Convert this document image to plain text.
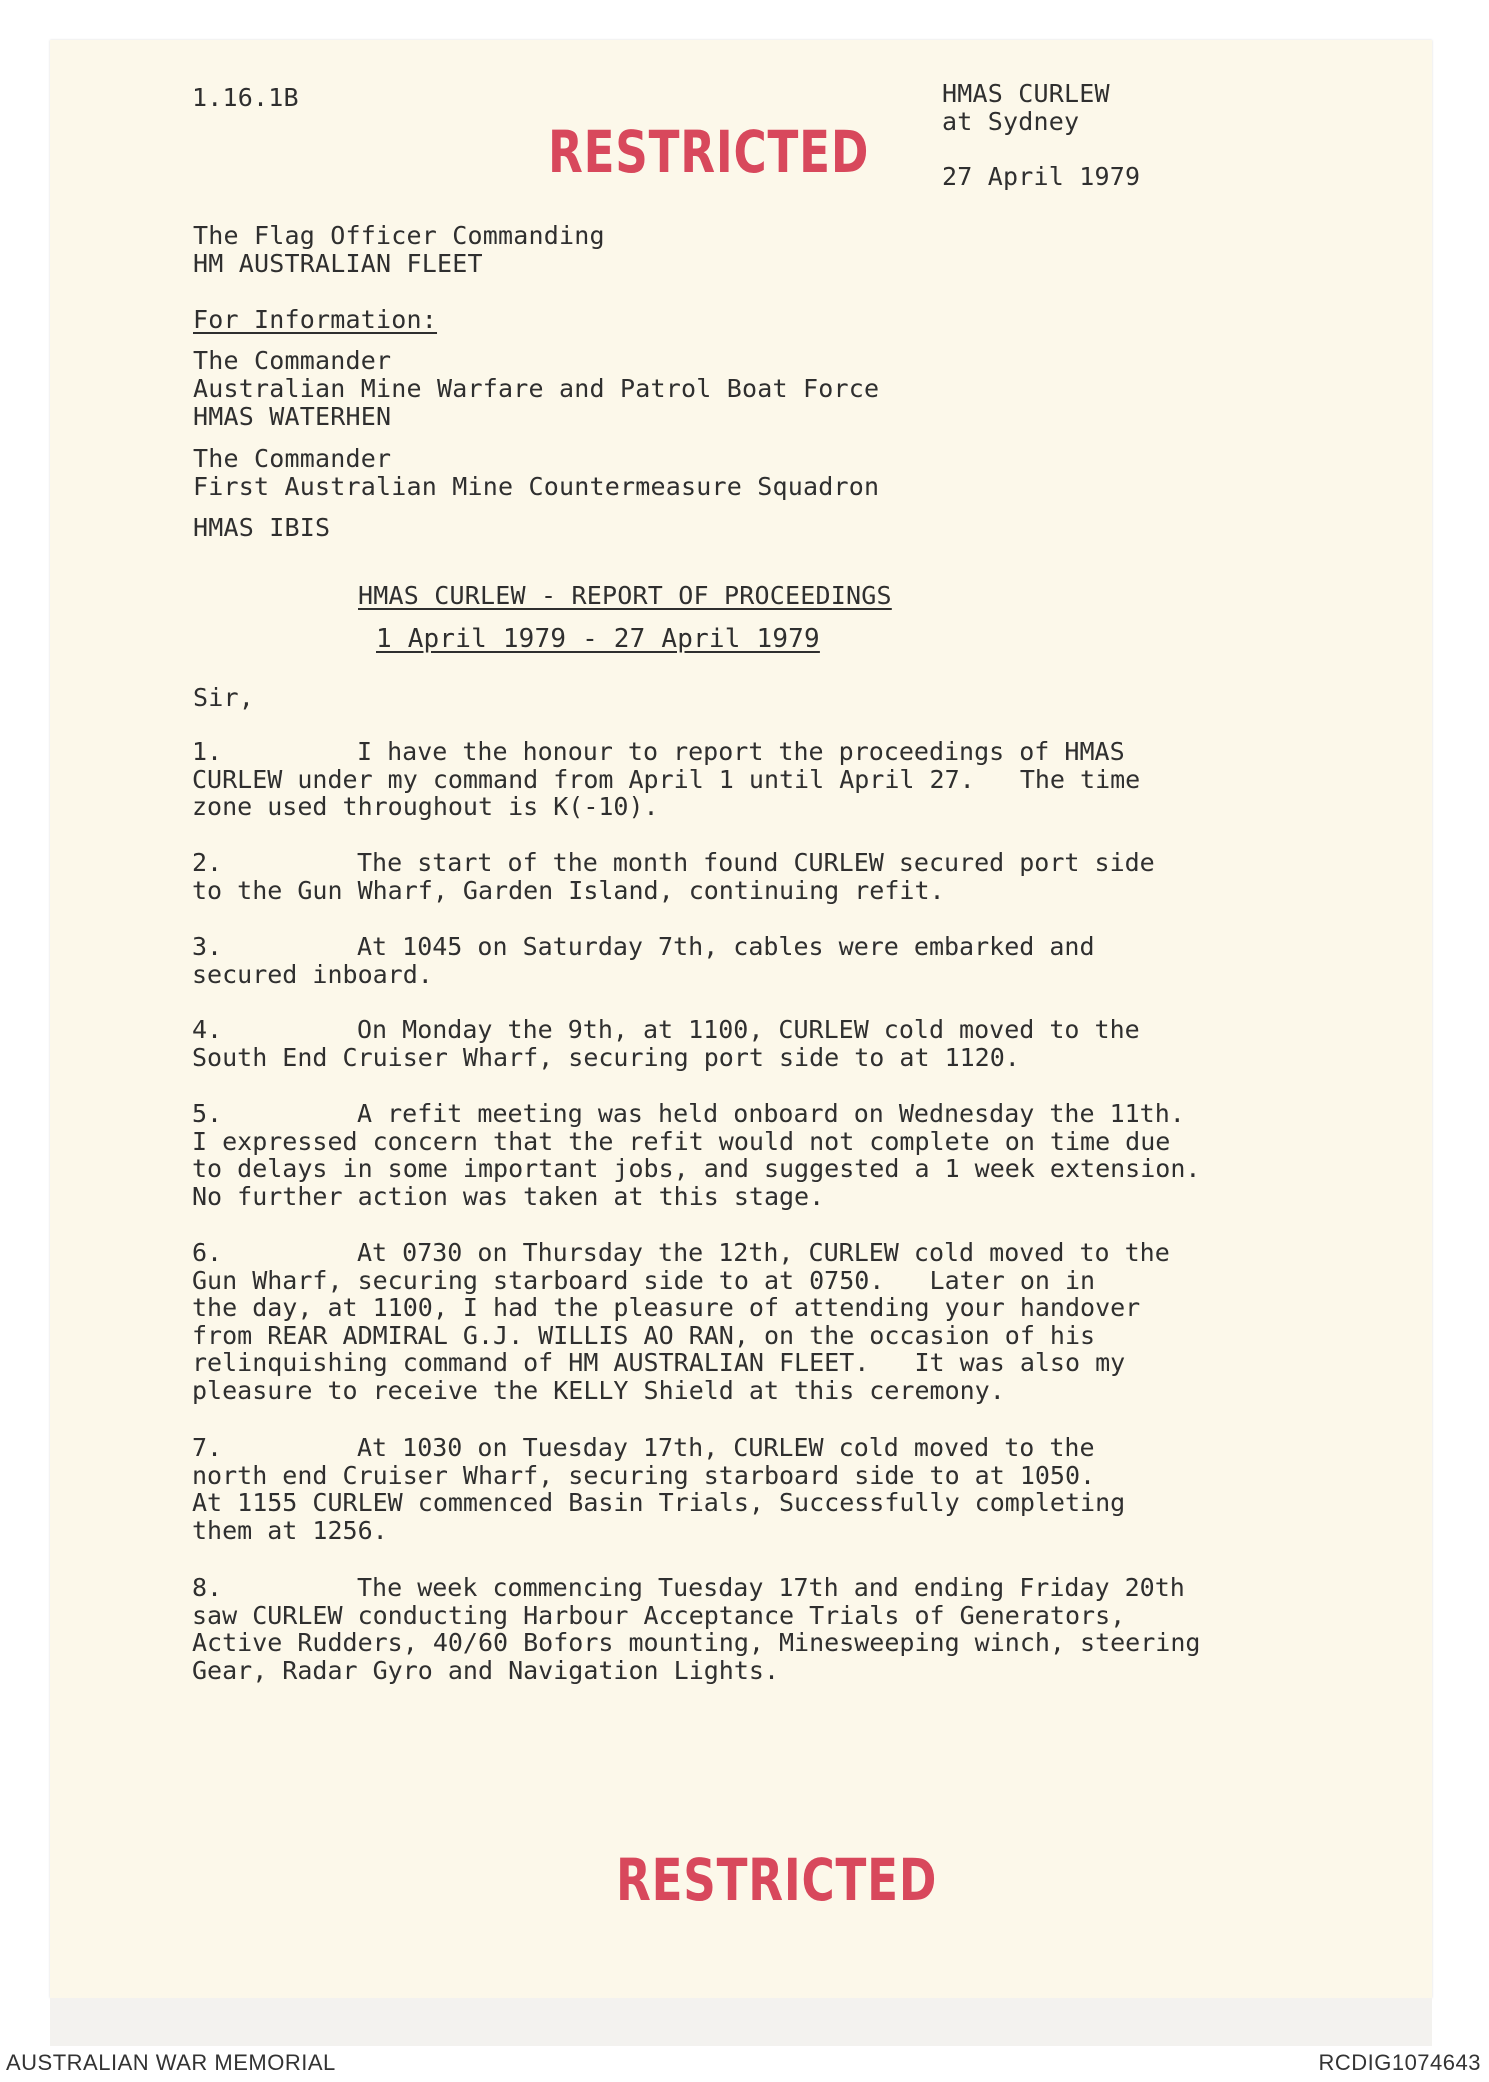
1.16.1B	HMAS CURLEW
at Sydney
27 April 1979
RESTRICTED
The Flag Officer Commanding
HM AUSTRALIAN FLEET
For Information:
The Commander
Australian Mine Warfare and Patrol Boat Force
HMAS WATERHEN
The Commander
First Australian Mine Countermeasure Squadron
HMAS IBIS
HMAS CURLEW - REPORT OF PROCEEDINGS
1 April 1979 - 27 April 1979
Sir,
1.	I have the honour to report the proceedings of HMAS
CURLEW under my command from April 1 until April 27.   The time
zone used throughout is K(-10).
2.	The start of the month found CURLEW secured port side
to the Gun Wharf, Garden Island, continuing refit.
3.	At 1045 on Saturday 7th, cables were embarked and
secured inboard.
4.	On Monday the 9th, at 1100, CURLEW cold moved to the
South End Cruiser Wharf, securing port side to at 1120.
5.	A refit meeting was held onboard on Wednesday the 11th.
I expressed concern that the refit would not complete on time due
to delays in some important jobs, and suggested a 1 week extension.
No further action was taken at this stage.
6.	At 0730 on Thursday the 12th, CURLEW cold moved to the
Gun Wharf, securing starboard side to at 0750.   Later on in
the day, at 1100, I had the pleasure of attending your handover
from REAR ADMIRAL G.J. WILLIS AO RAN, on the occasion of his
relinquishing command of HM AUSTRALIAN FLEET.   It was also my
pleasure to receive the KELLY Shield at this ceremony.
7.	At 1030 on Tuesday 17th, CURLEW cold moved to the
north end Cruiser Wharf, securing starboard side to at 1050.
At 1155 CURLEW commenced Basin Trials, Successfully completing
them at 1256.
8.	The week commencing Tuesday 17th and ending Friday 20th
saw CURLEW conducting Harbour Acceptance Trials of Generators,
Active Rudders, 40/60 Bofors mounting, Minesweeping winch, steering
Gear, Radar Gyro and Navigation Lights.
RESTRICTED
AUSTRALIAN WAR MEMORIAL	RCDIG1074643
